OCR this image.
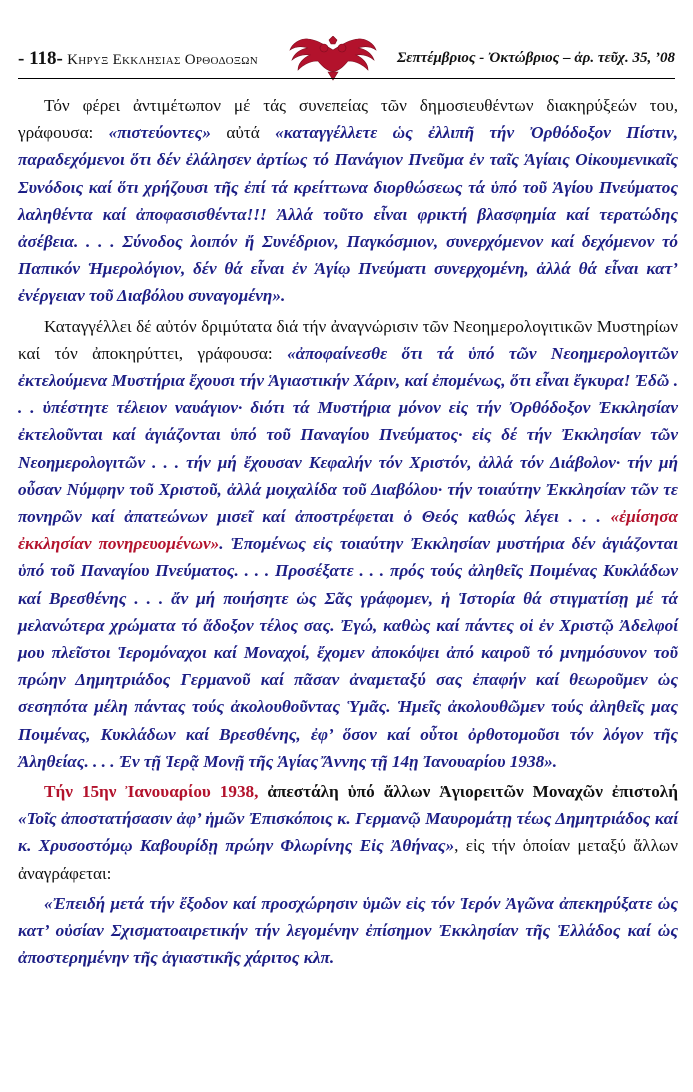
- 118- Κηρυξ Εκκλησιας Ορθοδοξων	Σεπτέμβριος - Ὀκτώβριος – ἀρ. τεῦχ. 35, ’08

Τόν φέρει ἀντιμέτωπον μέ τάς συνεπείας τῶν δημοσιευθέντων διακηρύξεών του, γράφουσα: «πιστεύοντες» αὐτά «καταγγέλλετε ὡς ἐλλιπῆ τήν Ὀρθόδοξον Πίστιν, παραδεχόμενοι ὅτι δέν ἐλάλησεν ἀρτίως τό Πανάγιον Πνεῦμα ἐν ταῖς Ἁγίαις Οἰκουμενικαῖς Συνόδοις καί ὅτι χρήζουσι τῆς ἐπί τά κρείττωνα διορθώσεως τά ὑπό τοῦ Ἁγίου Πνεύματος λαληθέντα καί ἀποφασισθέντα!!! Ἀλλά τοῦτο εἶναι φρικτή βλασφημία καί τερατώδης ἀσέβεια. . . . Σύνοδος λοιπόν ἤ Συνέδριον, Παγκόσμιον, συνερχόμενον καί δεχόμενον τό Παπικόν Ἡμερολόγιον, δέν θά εἶναι ἐν Ἁγίῳ Πνεύματι συνερχομένη, ἀλλά θά εἶναι κατ’ ἐνέργειαν τοῦ Διαβόλου συναγομένη».

Καταγγέλλει δέ αὐτόν δριμύτατα διά τήν ἀναγνώρισιν τῶν Νεοημερολογιτικῶν Μυστηρίων καί τόν ἀποκηρύττει, γράφουσα: «ἀποφαίνεσθε ὅτι τά ὑπό τῶν Νεοημερολογιτῶν ἐκτελούμενα Μυστήρια ἔχουσι τήν Ἁγιαστικήν Χάριν, καί ἐπομένως, ὅτι εἶναι ἔγκυρα! Ἐδῶ . . . ὑπέστητε τέλειον ναυάγιον· διότι τά Μυστήρια μόνον εἰς τήν Ὀρθόδοξον Ἐκκλησίαν ἐκτελοῦνται καί ἁγιάζονται ὑπό τοῦ Παναγίου Πνεύματος· εἰς δέ τήν Ἐκκλησίαν τῶν Νεοημερολογιτῶν . . . τήν μή ἔχουσαν Κεφαλήν τόν Χριστόν, ἀλλά τόν Διάβολον· τήν μή οὖσαν Νύμφην τοῦ Χριστοῦ, ἀλλά μοιχαλίδα τοῦ Διαβόλου· τήν τοιαύτην Ἐκκλησίαν τῶν τε πονηρῶν καί ἀπατεώνων μισεῖ καί ἀποστρέφεται ὁ Θεός καθώς λέγει . . . «ἐμίσησα ἐκκλησίαν πονηρευομένων». Ἑπομένως εἰς τοιαύτην Ἐκκλησίαν μυστήρια δέν ἁγιάζονται ὑπό τοῦ Παναγίου Πνεύματος. . . . Προσέξατε . . . πρός τούς ἀληθεῖς Ποιμένας Κυκλάδων καί Βρεσθένης . . . ἄν μή ποιήσητε ὡς Σᾶς γράφομεν, ἡ Ἱστορία θά στιγματίσῃ μέ τά μελανώτερα χρώματα τό ἄδοξον τέλος σας. Ἐγώ, καθὼς καί πάντες οἱ ἐν Χριστῷ Ἀδελφοί μου πλεῖστοι Ἱερομόναχοι καί Μοναχοί, ἔχομεν ἀποκόψει ἀπό καιροῦ τό μνημόσυνον τοῦ πρώην Δημητριάδος Γερμανοῦ καί πᾶσαν ἀναμεταξύ σας ἐπαφήν καί θεωροῦμεν ὡς σεσηπότα μέλη πάντας τούς ἀκολουθοῦντας Ὑμᾶς. Ἡμεῖς ἀκολουθῶμεν τούς ἀληθεῖς μας Ποιμένας, Κυκλάδων καί Βρεσθένης, ἐφ’ ὅσον καί οὗτοι ὀρθοτομοῦσι τόν λόγον τῆς Ἀληθείας. . . . Ἐν τῇ Ἱερᾷ Μονῇ τῆς Ἁγίας Ἄννης τῇ 14ῃ Ἰανουαρίου 1938».

Τήν 15ην Ἰανουαρίου 1938, ἀπεστάλη ὑπό ἄλλων Ἁγιορειτῶν Μοναχῶν ἐπιστολή «Τοῖς ἀποστατήσασιν ἀφ’ ἡμῶν Ἐπισκόποις κ. Γερμανῷ Μαυρομάτῃ τέως Δημητριάδος καί κ. Χρυσοστόμῳ Καβουρίδῃ πρώην Φλωρίνης Εἰς Ἀθήνας», εἰς τήν ὁποίαν μεταξύ ἄλλων ἀναγράφεται:

«Ἐπειδή μετά τήν ἔξοδον καί προσχώρησιν ὑμῶν εἰς τόν Ἱερόν Ἀγῶνα ἀπεκηρύξατε ὡς κατ’ οὐσίαν Σχισματοαιρετικήν τήν λεγομένην ἐπίσημον Ἐκκλησίαν τῆς Ἑλλάδος καί ὡς ἀποστερημένην τῆς ἁγιαστικῆς χάριτος κλπ.
